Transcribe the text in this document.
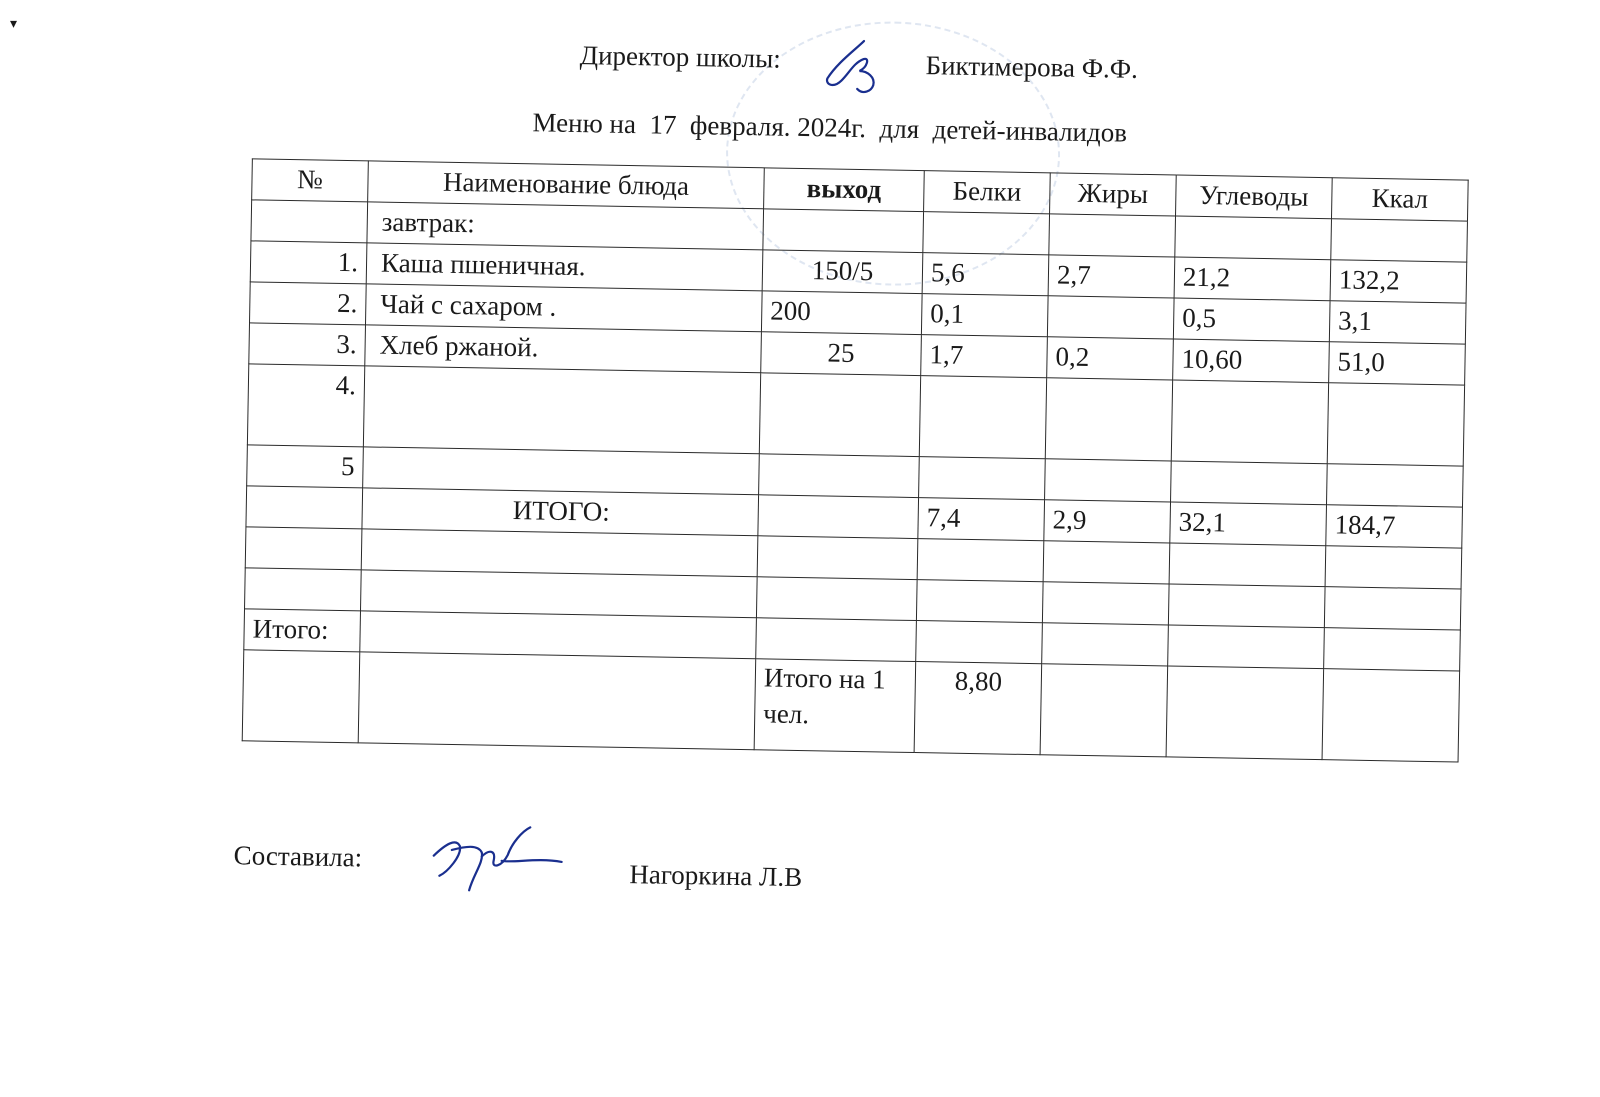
▾
Директор школы:	Биктимерова Ф.Ф.
Меню на  17  февраля. 2024г.  для  детей-инвалидов
№	Наименование блюда	выход	Белки	Жиры	Углеводы	Ккал
	завтрак:					
1.	Каша пшеничная.	150/5	5,6	2,7	21,2	132,2
2.	Чай с сахаром .	200	0,1		0,5	3,1
3.	Хлеб ржаной.	25	1,7	0,2	10,60	51,0
4.						
5						
	ИТОГО:		7,4	2,9	32,1	184,7

Итого:						
		Итого на 1 чел.	8,80			
Составила:
Нагоркина Л.В
